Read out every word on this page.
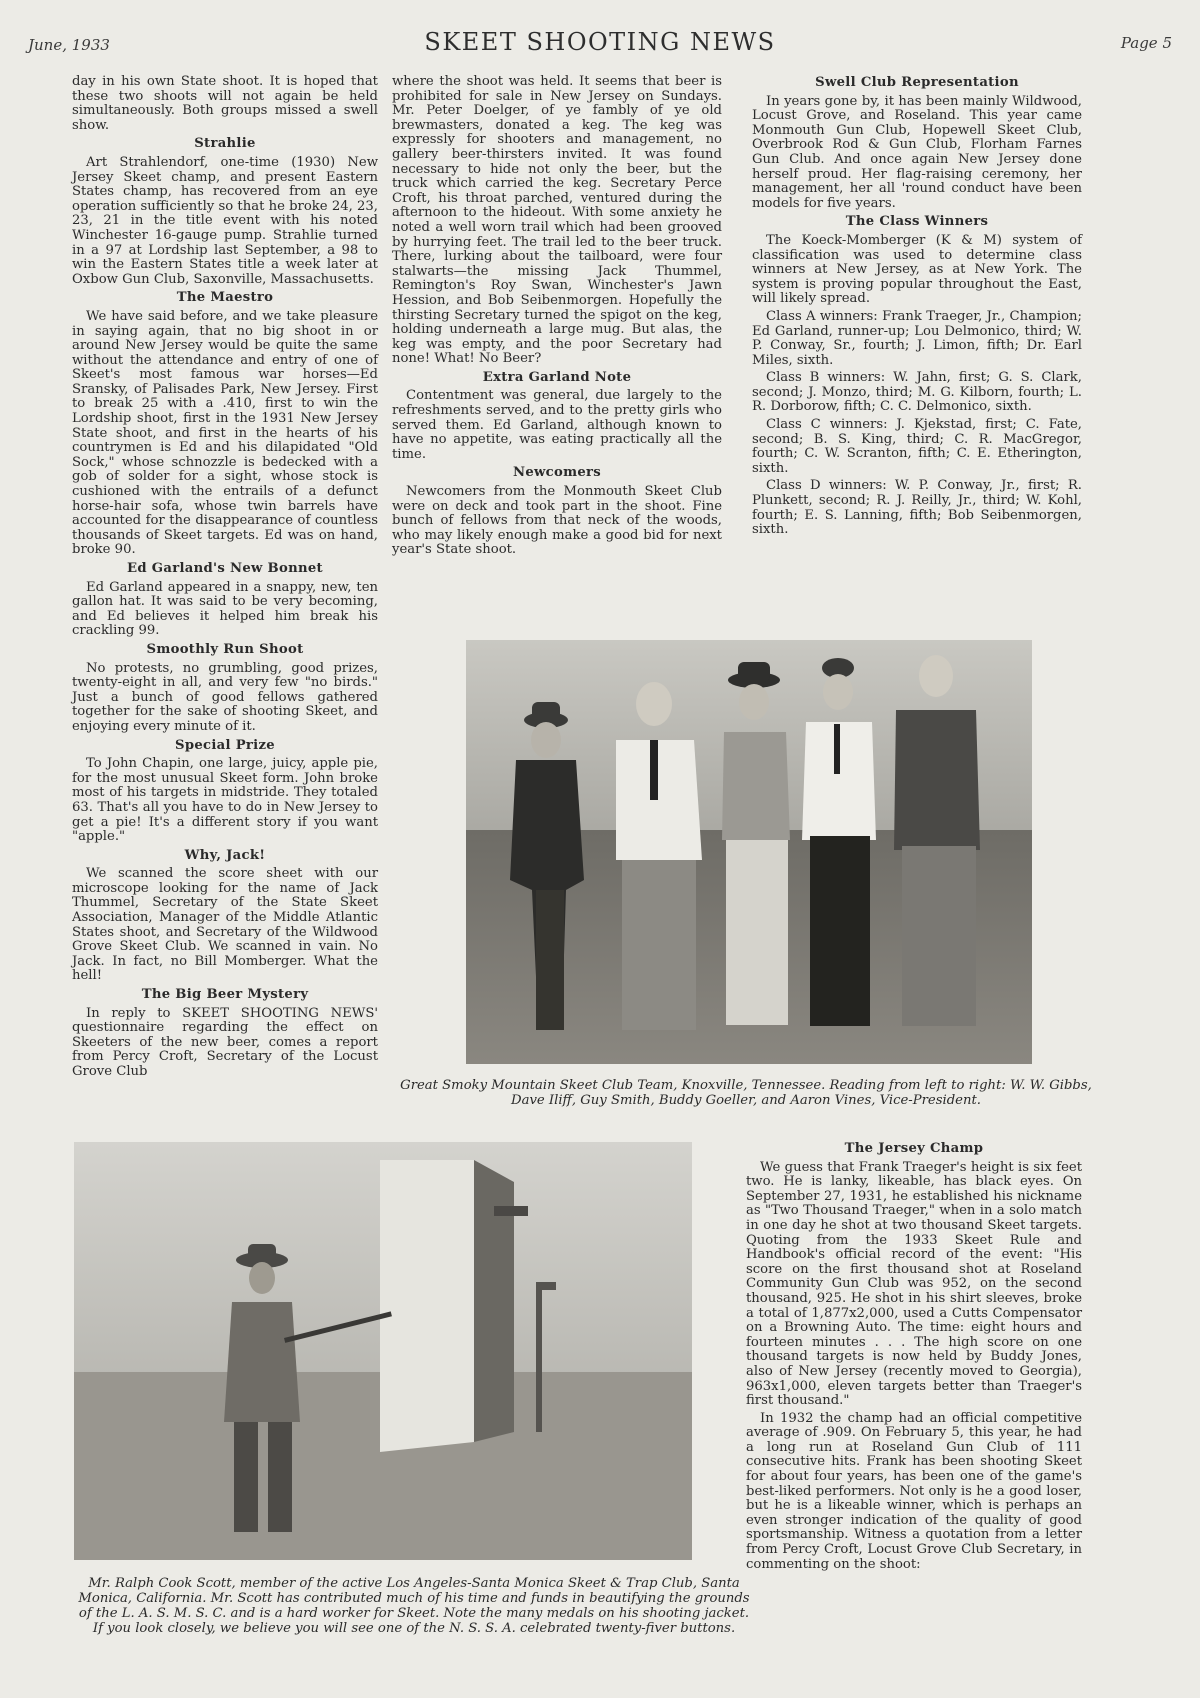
June, 1933	SKEET SHOOTING NEWS	Page 5

day in his own State shoot. It is hoped that these two shoots will not again be held simultaneously. Both groups missed a swell show.

Strahlie

Art Strahlendorf, one-time (1930) New Jersey Skeet champ, and present Eastern States champ, has recovered from an eye operation sufficiently so that he broke 24, 23, 23, 21 in the title event with his noted Winchester 16-gauge pump. Strahlie turned in a 97 at Lordship last September, a 98 to win the Eastern States title a week later at Oxbow Gun Club, Saxonville, Massachusetts.

The Maestro

We have said before, and we take pleasure in saying again, that no big shoot in or around New Jersey would be quite the same without the attendance and entry of one of Skeet's most famous war horses—Ed Sransky, of Palisades Park, New Jersey. First to break 25 with a .410, first to win the Lordship shoot, first in the 1931 New Jersey State shoot, and first in the hearts of his countrymen is Ed and his dilapidated "Old Sock," whose schnozzle is bedecked with a gob of solder for a sight, whose stock is cushioned with the entrails of a defunct horse-hair sofa, whose twin barrels have accounted for the disappearance of countless thousands of Skeet targets. Ed was on hand, broke 90.

Ed Garland's New Bonnet

Ed Garland appeared in a snappy, new, ten gallon hat. It was said to be very becoming, and Ed believes it helped him break his crackling 99.

Smoothly Run Shoot

No protests, no grumbling, good prizes, twenty-eight in all, and very few "no birds." Just a bunch of good fellows gathered together for the sake of shooting Skeet, and enjoying every minute of it.

Special Prize

To John Chapin, one large, juicy, apple pie, for the most unusual Skeet form. John broke most of his targets in midstride. They totaled 63. That's all you have to do in New Jersey to get a pie! It's a different story if you want "apple."

Why, Jack!

We scanned the score sheet with our microscope looking for the name of Jack Thummel, Secretary of the State Skeet Association, Manager of the Middle Atlantic States shoot, and Secretary of the Wildwood Grove Skeet Club. We scanned in vain. No Jack. In fact, no Bill Momberger. What the hell!

The Big Beer Mystery

In reply to SKEET SHOOTING NEWS' questionnaire regarding the effect on Skeeters of the new beer, comes a report from Percy Croft, Secretary of the Locust Grove Club

where the shoot was held. It seems that beer is prohibited for sale in New Jersey on Sundays. Mr. Peter Doelger, of ye fambly of ye old brewmasters, donated a keg. The keg was expressly for shooters and management, no gallery beer-thirsters invited. It was found necessary to hide not only the beer, but the truck which carried the keg. Secretary Perce Croft, his throat parched, ventured during the afternoon to the hideout. With some anxiety he noted a well worn trail which had been grooved by hurrying feet. The trail led to the beer truck. There, lurking about the tailboard, were four stalwarts—the missing Jack Thummel, Remington's Roy Swan, Winchester's Jawn Hession, and Bob Seibenmorgen. Hopefully the thirsting Secretary turned the spigot on the keg, holding underneath a large mug. But alas, the keg was empty, and the poor Secretary had none! What! No Beer?

Extra Garland Note

Contentment was general, due largely to the refreshments served, and to the pretty girls who served them. Ed Garland, although known to have no appetite, was eating practically all the time.

Newcomers

Newcomers from the Monmouth Skeet Club were on deck and took part in the shoot. Fine bunch of fellows from that neck of the woods, who may likely enough make a good bid for next year's State shoot.

Swell Club Representation

In years gone by, it has been mainly Wildwood, Locust Grove, and Roseland. This year came Monmouth Gun Club, Hopewell Skeet Club, Overbrook Rod & Gun Club, Florham Farnes Gun Club. And once again New Jersey done herself proud. Her flag-raising ceremony, her management, her all 'round conduct have been models for five years.

The Class Winners

The Koeck-Momberger (K & M) system of classification was used to determine class winners at New Jersey, as at New York. The system is proving popular throughout the East, will likely spread.

Class A winners: Frank Traeger, Jr., Champion; Ed Garland, runner-up; Lou Delmonico, third; W. P. Conway, Sr., fourth; J. Limon, fifth; Dr. Earl Miles, sixth.

Class B winners: W. Jahn, first; G. S. Clark, second; J. Monzo, third; M. G. Kilborn, fourth; L. R. Dorborow, fifth; C. C. Delmonico, sixth.

Class C winners: J. Kjekstad, first; C. Fate, second; B. S. King, third; C. R. MacGregor, fourth; C. W. Scranton, fifth; C. E. Etherington, sixth.

Class D winners: W. P. Conway, Jr., first; R. Plunkett, second; R. J. Reilly, Jr., third; W. Kohl, fourth; E. S. Lanning, fifth; Bob Seibenmorgen, sixth.

Great Smoky Mountain Skeet Club Team, Knoxville, Tennessee. Reading from left to right: W. W. Gibbs, Dave Iliff, Guy Smith, Buddy Goeller, and Aaron Vines, Vice-President.
Mr. Ralph Cook Scott, member of the active Los Angeles-Santa Monica Skeet & Trap Club, Santa Monica, California. Mr. Scott has contributed much of his time and funds in beautifying the grounds of the L. A. S. M. S. C. and is a hard worker for Skeet. Note the many medals on his shooting jacket. If you look closely, we believe you will see one of the N. S. S. A. celebrated twenty-fiver buttons.
The Jersey Champ

We guess that Frank Traeger's height is six feet two. He is lanky, likeable, has black eyes. On September 27, 1931, he established his nickname as "Two Thousand Traeger," when in a solo match in one day he shot at two thousand Skeet targets. Quoting from the 1933 Skeet Rule and Handbook's official record of the event: "His score on the first thousand shot at Roseland Community Gun Club was 952, on the second thousand, 925. He shot in his shirt sleeves, broke a total of 1,877x2,000, used a Cutts Compensator on a Browning Auto. The time: eight hours and fourteen minutes . . . The high score on one thousand targets is now held by Buddy Jones, also of New Jersey (recently moved to Georgia), 963x1,000, eleven targets better than Traeger's first thousand."

In 1932 the champ had an official competitive average of .909. On February 5, this year, he had a long run at Roseland Gun Club of 111 consecutive hits. Frank has been shooting Skeet for about four years, has been one of the game's best-liked performers. Not only is he a good loser, but he is a likeable winner, which is perhaps an even stronger indication of the quality of good sportsmanship. Witness a quotation from a letter from Percy Croft, Locust Grove Club Secretary, in commenting on the shoot:
